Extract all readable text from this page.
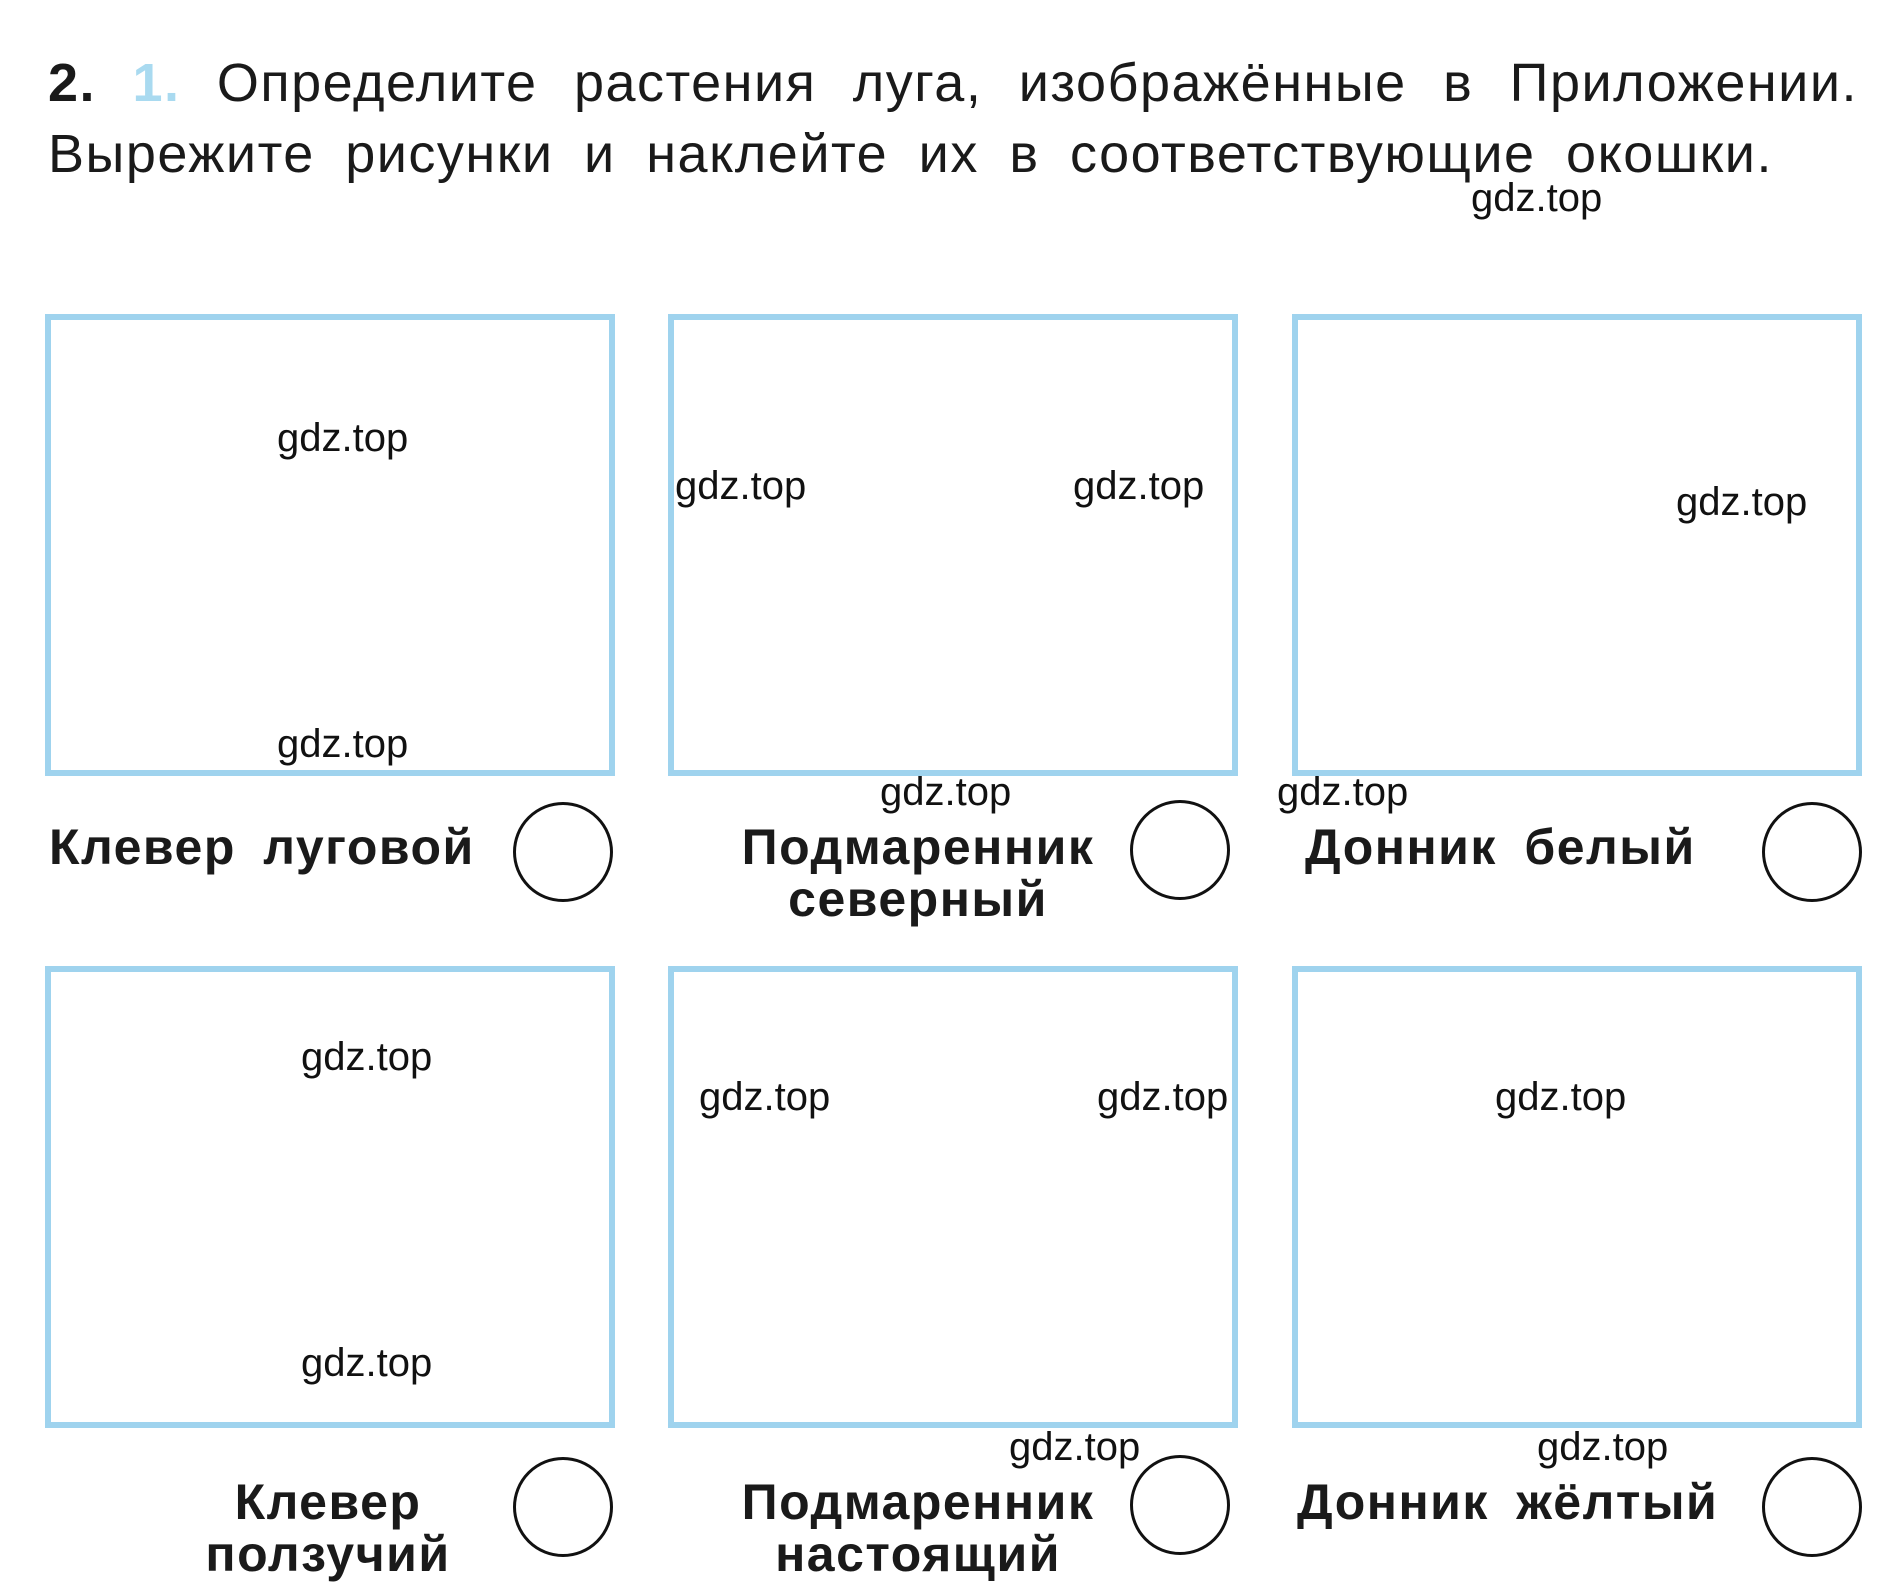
2. 1. Определите растения луга, изображённые в Приложении. Вырежите рисунки и наклейте их в соответствующие окошки.
Клевер луговой	Подмаренник северный
Донник белый
Клевер ползучий
Подмаренник настоящий
Донник жёлтый
gdz.top
gdz.top
gdz.top
gdz.top	gdz.top	gdz.top
gdz.top	gdz.top
gdz.top
gdz.top
gdz.top	gdz.top	gdz.top
gdz.top	gdz.top
